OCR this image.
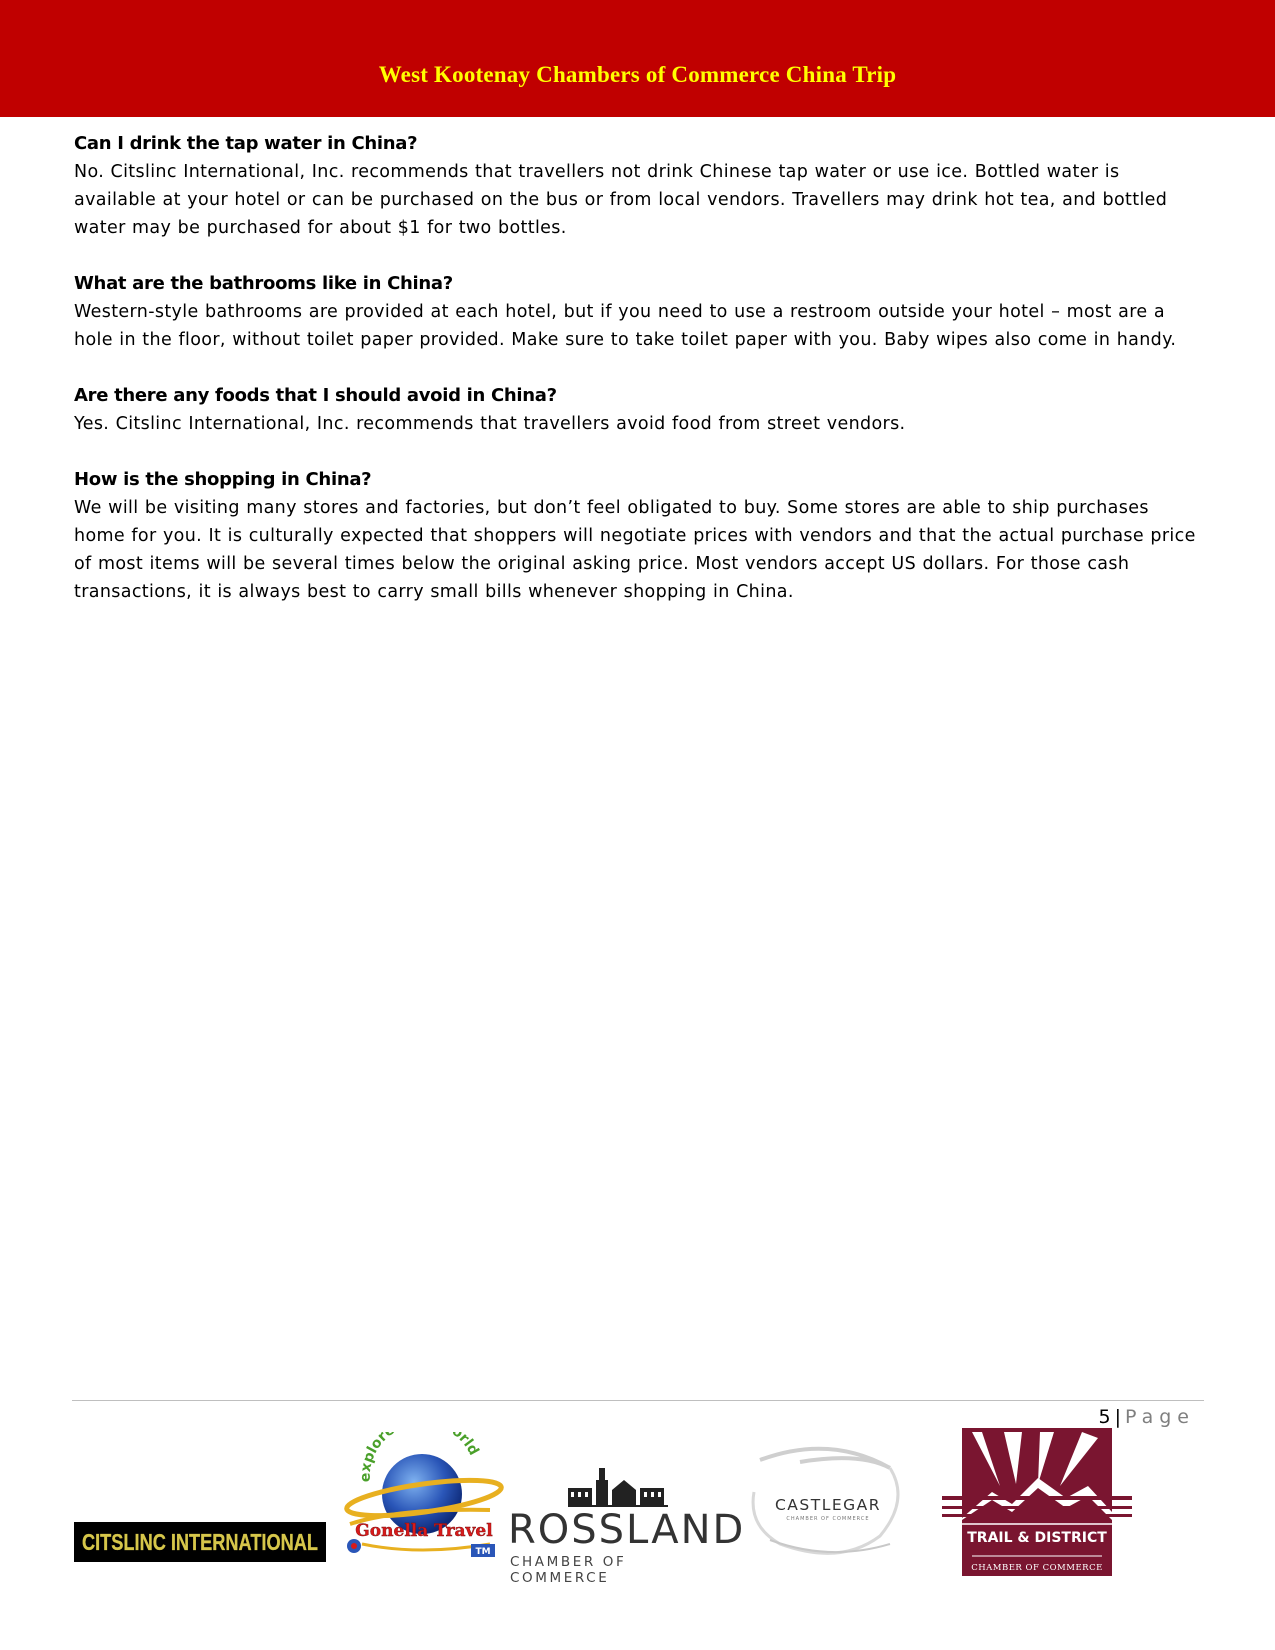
West Kootenay Chambers of Commerce China Trip
Can I drink the tap water in China?
No. Citslinc International, Inc. recommends that travellers not drink Chinese tap water or use ice. Bottled water is available at your hotel or can be purchased on the bus or from local vendors. Travellers may drink hot tea, and bottled water may be purchased for about $1 for two bottles.
What are the bathrooms like in China?
Western-style bathrooms are provided at each hotel, but if you need to use a restroom outside your hotel – most are a hole in the floor, without toilet paper provided. Make sure to take toilet paper with you. Baby wipes also come in handy.
Are there any foods that I should avoid in China?
Yes. Citslinc International, Inc. recommends that travellers avoid food from street vendors.
How is the shopping in China?
We will be visiting many stores and factories, but don’t feel obligated to buy. Some stores are able to ship purchases home for you. It is culturally expected that shoppers will negotiate prices with vendors and that the actual purchase price of most items will be several times below the original asking price. Most vendors accept US dollars. For those cash transactions, it is always best to carry small bills whenever shopping in China.
5 | Page
CITSLINC INTERNATIONAL
explor orld
Gonella Travel
TM ROSSLAND
CHAMBER OF COMMERCE
CASTLEGAR
CHAMBER OF COMMERCE
TRAIL & DISTRICT
CHAMBER OF COMMERCE
